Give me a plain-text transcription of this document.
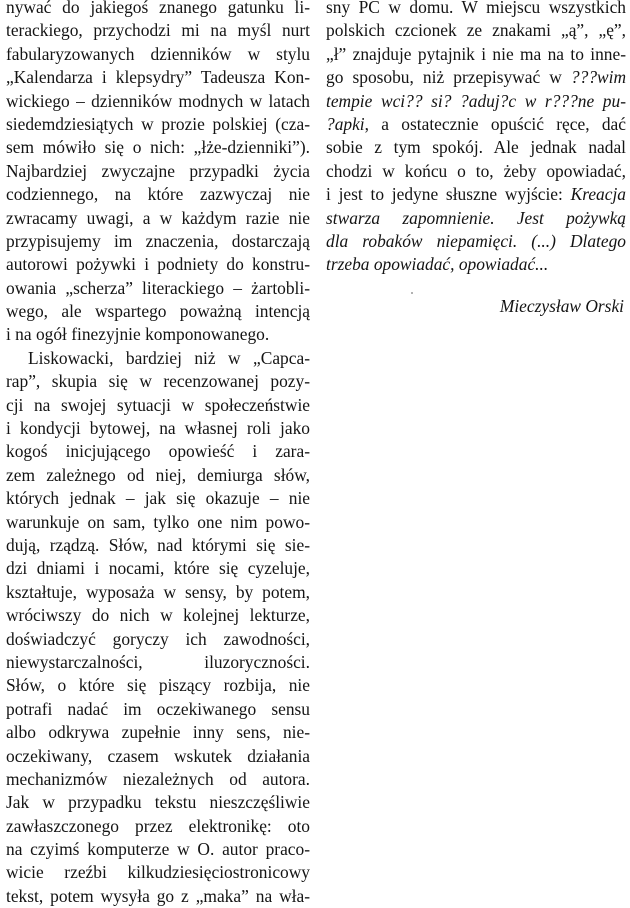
nywać do jakiegoś znanego gatunku li-
terackiego, przychodzi mi na myśl nurt
fabularyzowanych dzienników w stylu
„Kalendarza i klepsydry” Tadeusza Kon-
wickiego – dzienników modnych w latach
siedemdziesiątych w prozie polskiej (cza-
sem mówiło się o nich: „łże-dzienniki”).
Najbardziej zwyczajne przypadki życia
codziennego, na które zazwyczaj nie
zwracamy uwagi, a w każdym razie nie
przypisujemy im znaczenia, dostarczają
autorowi pożywki i podniety do konstru-
owania „scherza” literackiego – żartobli-
wego, ale wspartego poważną intencją
i na ogół finezyjnie komponowanego.
Liskowacki, bardziej niż w „Capca-
rap”, skupia się w recenzowanej pozy-
cji na swojej sytuacji w społeczeństwie
i kondycji bytowej, na własnej roli jako
kogoś inicjującego opowieść i zara-
zem zależnego od niej, demiurga słów,
których jednak – jak się okazuje – nie
warunkuje on sam, tylko one nim powo-
dują, rządzą. Słów, nad którymi się sie-
dzi dniami i nocami, które się cyzeluje,
kształtuje, wyposaża w sensy, by potem,
wróciwszy do nich w kolejnej lekturze,
doświadczyć goryczy ich zawodności,
niewystarczalności, iluzoryczności.
Słów, o które się piszący rozbija, nie
potrafi nadać im oczekiwanego sensu
albo odkrywa zupełnie inny sens, nie-
oczekiwany, czasem wskutek działania
mechanizmów niezależnych od autora.
Jak w przypadku tekstu nieszczęśliwie
zawłaszczonego przez elektronikę: oto
na czyimś komputerze w O. autor praco-
wicie rzeźbi kilkudziesięciostronicowy
tekst, potem wysyła go z „maka” na wła-
sny PC w domu. W miejscu wszystkich
polskich czcionek ze znakami „ą”, „ę”,
„ł” znajduje pytajnik i nie ma na to inne-
go sposobu, niż przepisywać w ???wim
tempie wci?? si? ?aduj?c w r???ne pu-
?apki, a ostatecznie opuścić ręce, dać
sobie z tym spokój. Ale jednak nadal
chodzi w końcu o to, żeby opowiadać,
i jest to jedyne słuszne wyjście: Kreacja
stwarza zapomnienie. Jest pożywką
dla robaków niepamięci. (...) Dlatego
trzeba opowiadać, opowiadać...
Mieczysław Orski
